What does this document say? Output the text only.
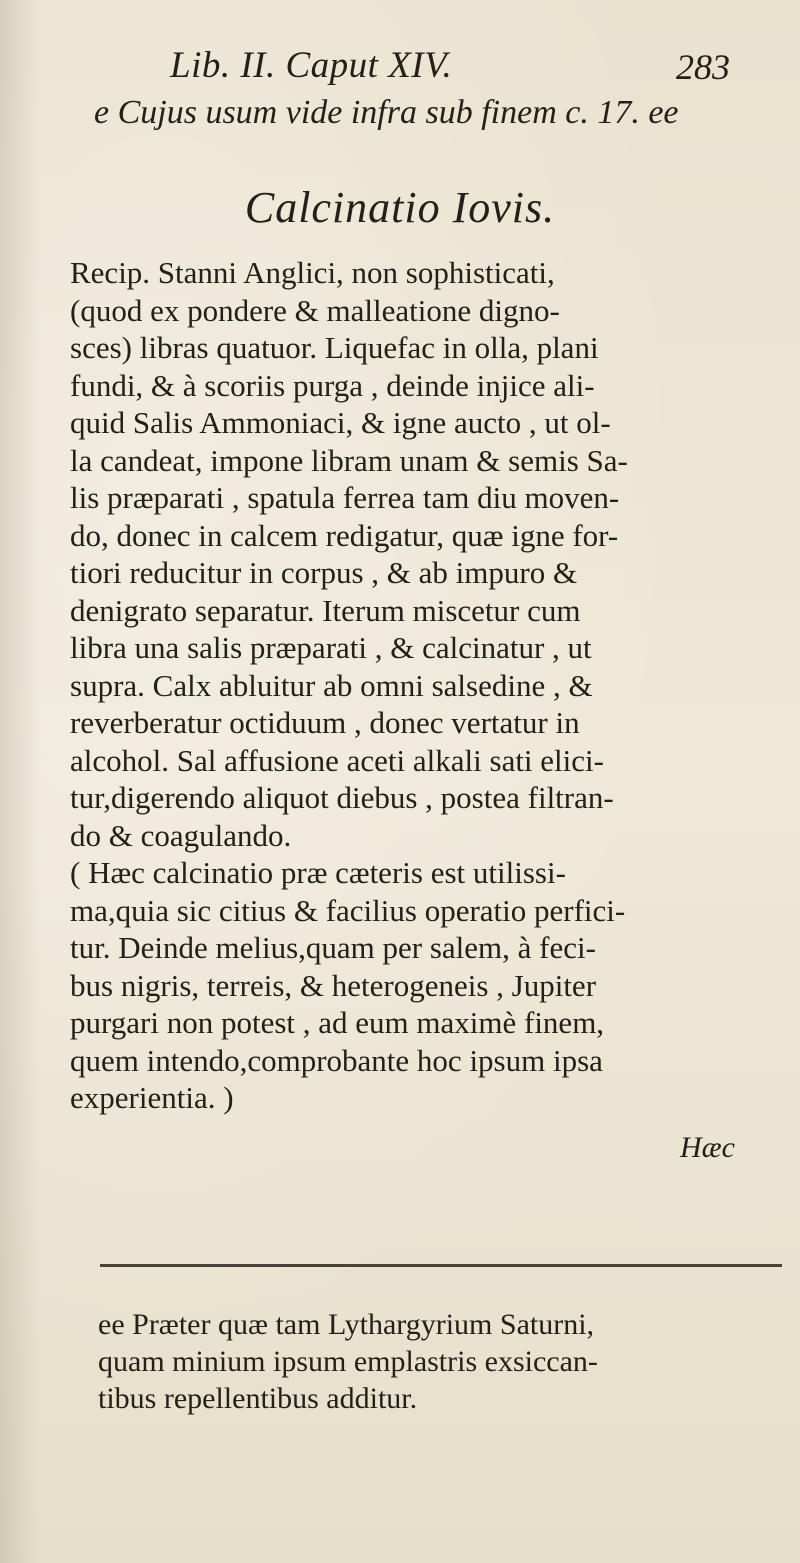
Lib. II. Caput XIV.	283
e Cujus usum vide infra sub finem c. 17. ee
Calcinatio Iovis.
Recip. Stanni Anglici, non sophisticati,
(quod ex pondere & malleatione digno-
sces) libras quatuor. Liquefac in olla, plani
fundi, & à scoriis purga , deinde injice ali-
quid Salis Ammoniaci, & igne aucto , ut ol-
la candeat, impone libram unam & semis Sa-
lis præparati , spatula ferrea tam diu moven-
do, donec in calcem redigatur, quæ igne for-
tiori reducitur in corpus , & ab impuro &
denigrato separatur. Iterum miscetur cum
libra una salis præparati , & calcinatur , ut
supra. Calx abluitur ab omni salsedine , &
reverberatur octiduum , donec vertatur in
alcohol. Sal affusione aceti alkali sati elici-
tur,digerendo aliquot diebus , postea filtran-
do & coagulando.
( Hæc calcinatio præ cæteris est utilissi-
ma,quia sic citius & facilius operatio perfici-
tur. Deinde melius,quam per salem, à feci-
bus nigris, terreis, & heterogeneis , Jupiter
purgari non potest , ad eum maximè finem,
quem intendo,comprobante hoc ipsum ipsa
experientia. )
Hæc
ee Præter quæ tam Lythargyrium Saturni,
quam minium ipsum emplastris exsiccan-
tibus repellentibus additur.
